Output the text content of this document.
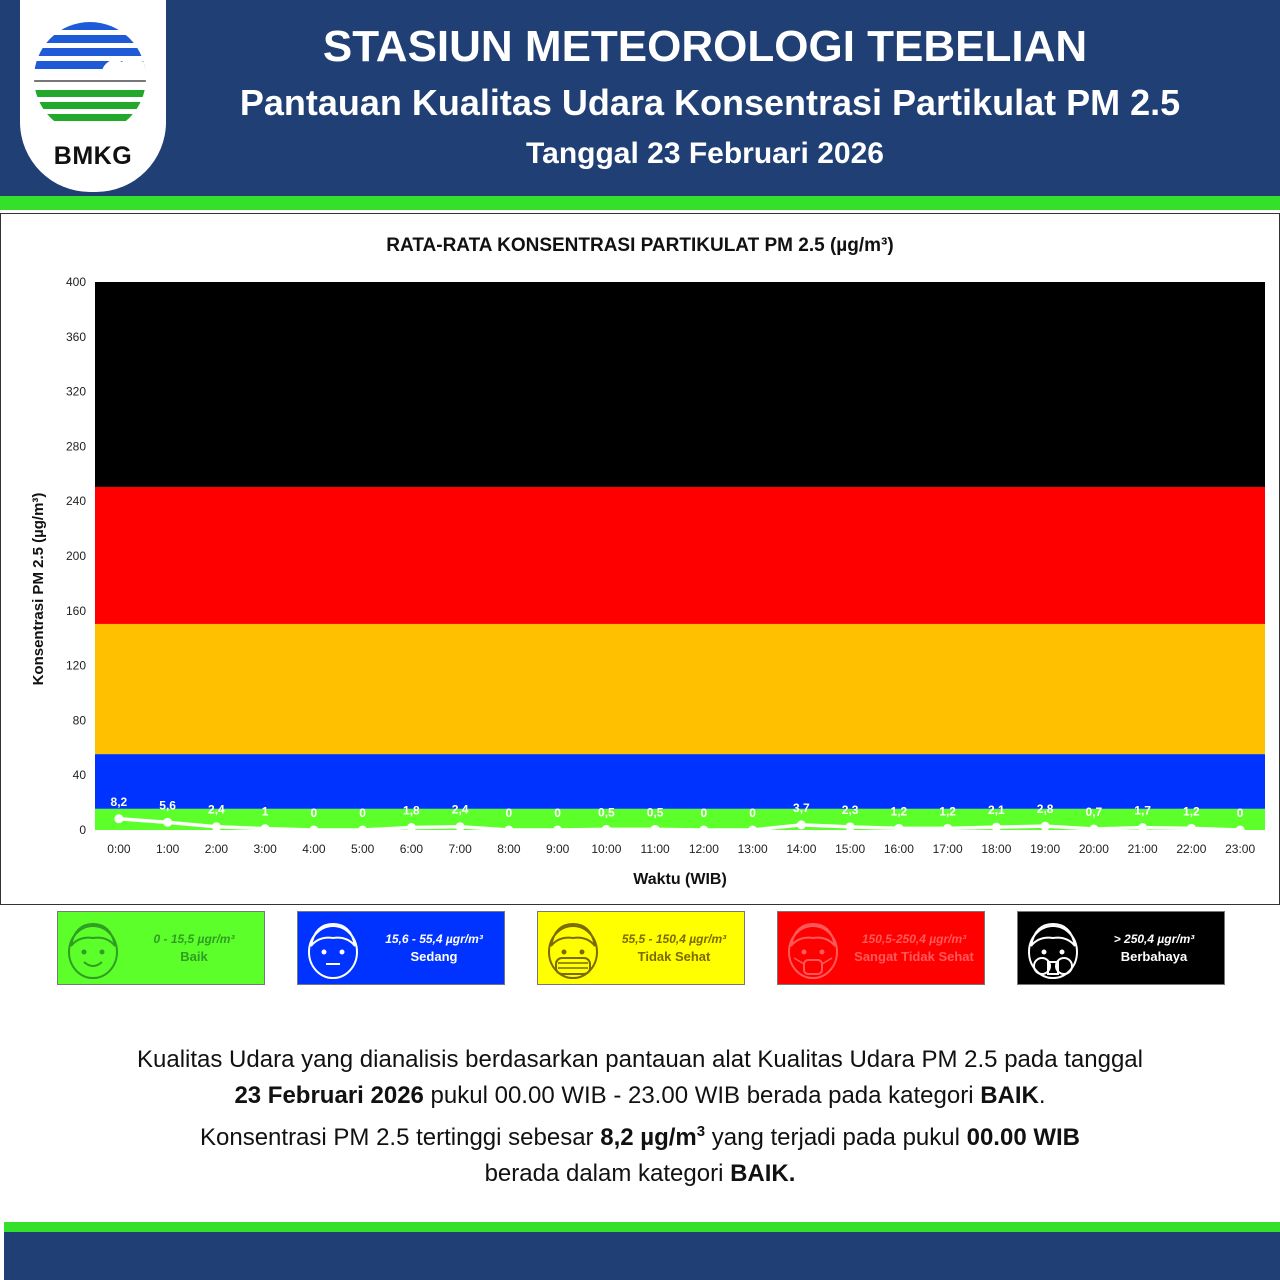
BMKG
STASIUN METEOROLOGI TEBELIAN
Pantauan Kualitas Udara Konsentrasi Partikulat PM 2.5
Tanggal 23 Februari 2026
0
40
80
120
160
200
240
280
320
360
400
0:00 1:00 2:00 3:00 4:00 5:00 6:00 7:00 8:00 9:00 10:00 11:00 12:00 13:00 14:00 15:00 16:00 17:00 18:00 19:00 20:00 21:00 22:00 23:00
8,2	5,6	2,4	1	0	0	1,8	2,4	0	0	0,5	0,5	0	0	3,7	2,3	1,2	1,2	2,1	2,8	0,7	1,7	1,2	0
RATA-RATA KONSENTRASI PARTIKULAT PM 2.5 (µg/m³)
Waktu (WIB)
Konsentrasi PM 2.5 (µg/m³)
0 - 15,5 µgr/m³
Baik
15,6 - 55,4 µgr/m³
Sedang
55,5 - 150,4 µgr/m³
Tidak Sehat
150,5-250,4 µgr/m³
Sangat Tidak Sehat
> 250,4 µgr/m³
Berbahaya
Kualitas Udara yang dianalisis berdasarkan pantauan alat Kualitas Udara PM 2.5 pada tanggal
23 Februari 2026 pukul 00.00 WIB - 23.00 WIB berada pada kategori BAIK.
Konsentrasi PM 2.5 tertinggi sebesar 8,2 $\mu g/m^3$ yang terjadi pada pukul 00.00 WIB
berada dalam kategori BAIK.
